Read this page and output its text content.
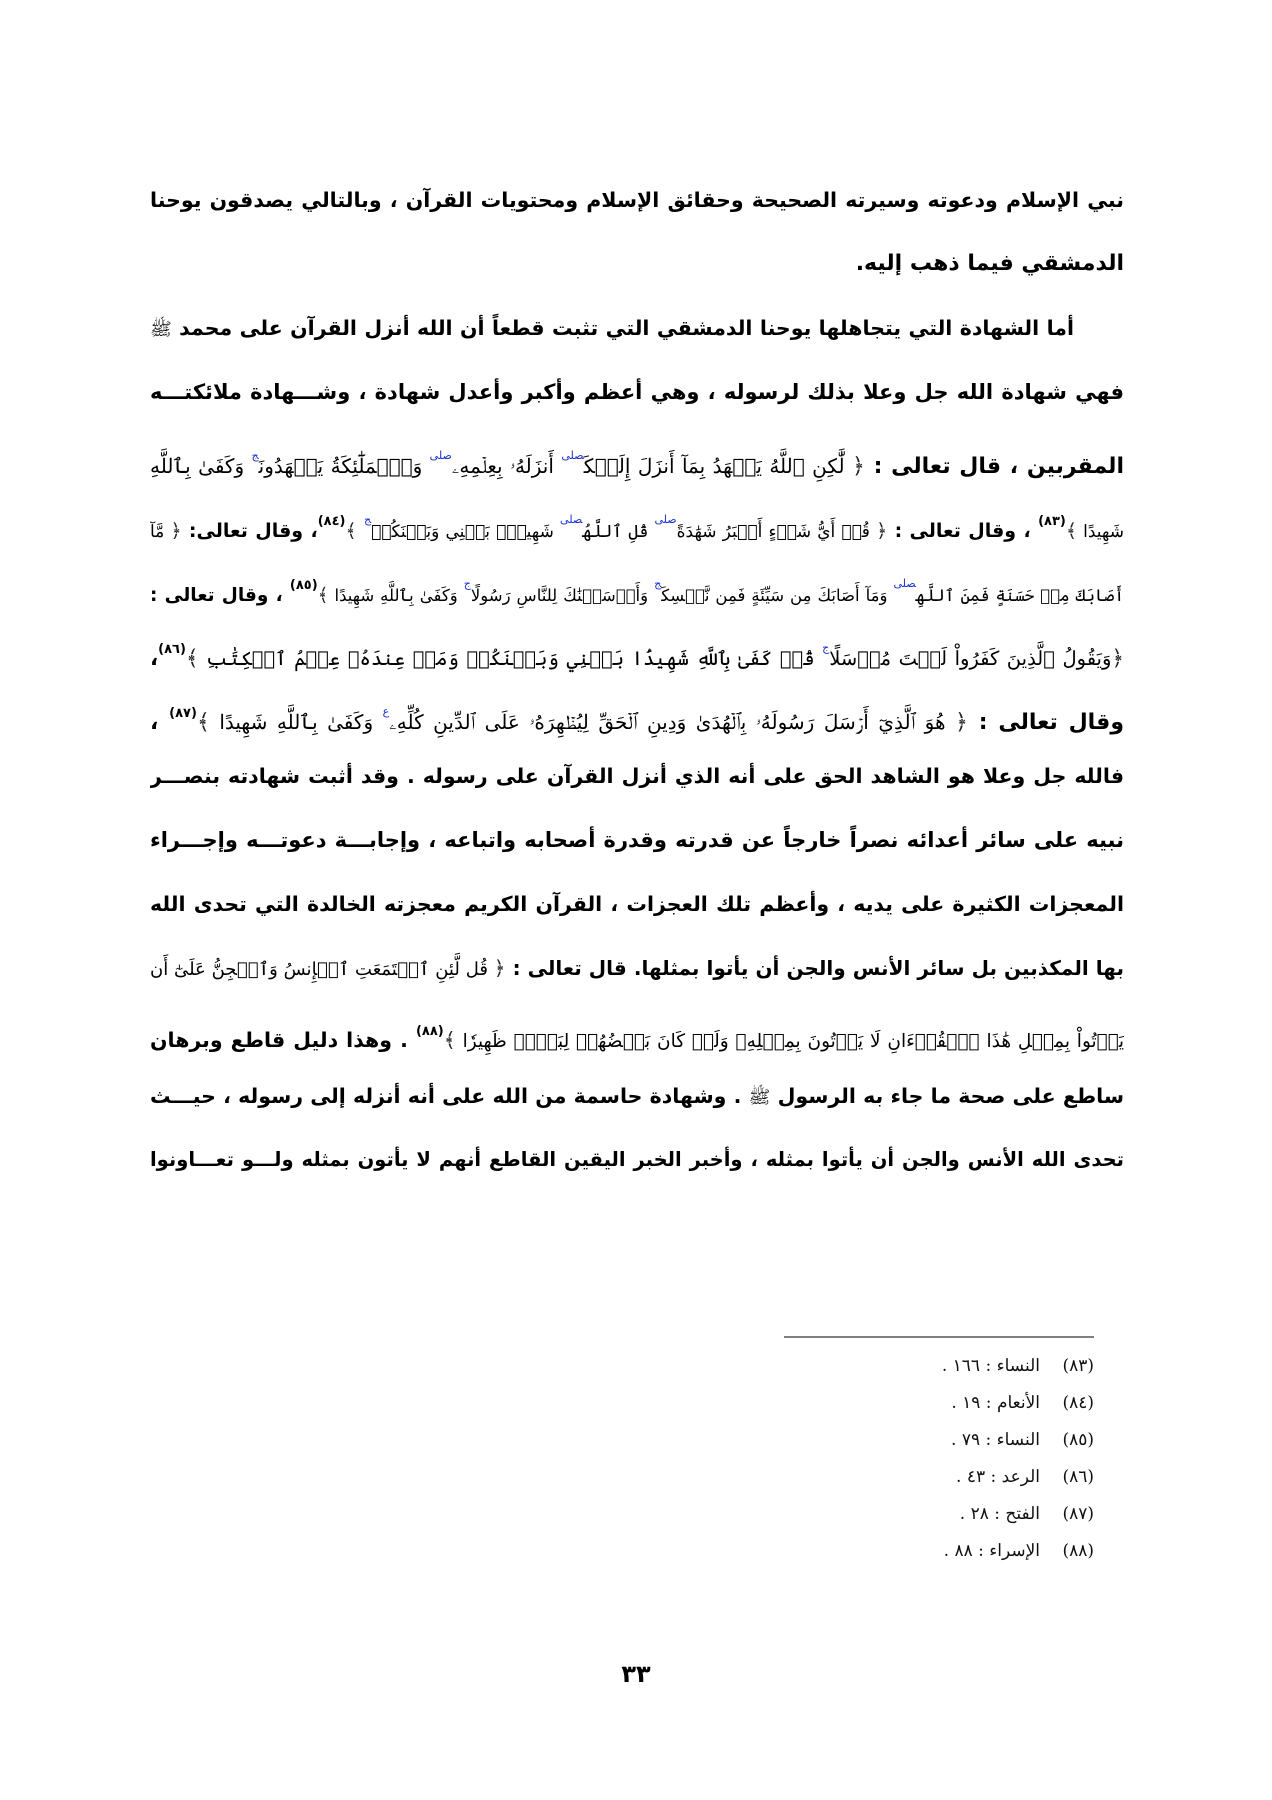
نبي الإسلام ودعوته وسيرته الصحيحة وحقائق الإسلام ومحتويات القرآن ، وبالتالي يصدقون يوحنا
الدمشقي فيما ذهب إليه.
أما الشهادة التي يتجاهلها يوحنا الدمشقي التي تثبت قطعاً أن الله أنزل القرآن على محمد ﷺ
فهي شهادة الله جل وعلا بذلك لرسوله ، وهي أعظم وأكبر وأعدل شهادة ، وشـــهادة ملائكتـــه
المقربين ، قال تعالى : ﴿ لَّٰكِنِ ٱللَّهُ يَشۡهَدُ بِمَآ أَنزَلَ إِلَيۡكَ$^{صلى}$ أَنزَلَهُۥ بِعِلۡمِهِۦ$^{صلى}$ وَٱلۡمَلَٰٓئِكَةُ يَشۡهَدُونَ$^ج$ وَكَفَىٰ بِٱللَّهِ
شَهِيدًا ﴾$^{(٨٣)}$ ، وقال تعالى : ﴿ قُلۡ أَيُّ شَيۡءٍ أَكۡبَرُ شَهَٰدَةً$^{صلى}$ قُلِ ٱللَّهُ$^{صلى}$ شَهِيدُۢ بَيۡنِي وَبَيۡنَكُمۡ$^ج$ ﴾$^{(٨٤)}$، وقال تعالى: ﴿ مَّآ
أَصَابَكَ مِنۡ حَسَنَةٍ فَمِنَ ٱللَّهِ$^{صلى}$ وَمَآ أَصَابَكَ مِن سَيِّئَةٍ فَمِن نَّفۡسِكَ$^ج$ وَأَرۡسَلۡنَٰكَ لِلنَّاسِ رَسُولًا$^ج$ وَكَفَىٰ بِٱللَّهِ شَهِيدًا ﴾$^{(٨٥)}$ ، وقال تعالى :
﴿وَيَقُولُ ٱلَّذِينَ كَفَرُواْ لَسۡتَ مُرۡسَلًا$^ج$ قُلۡ كَفَىٰ بِٱللَّهِ شَهِيدَۢا بَيۡنِي وَبَيۡنَكُمۡ وَمَنۡ عِندَهُۥ عِلۡمُ ٱلۡكِتَٰبِ ﴾$^{(٨٦)}$،
وقال تعالى : ﴿ هُوَ ٱلَّذِيٓ أَرۡسَلَ رَسُولَهُۥ بِٱلۡهُدَىٰ وَدِينِ ٱلۡحَقِّ لِيُظۡهِرَهُۥ عَلَى ٱلدِّينِ كُلِّهِۦ$^ع$ وَكَفَىٰ بِٱللَّهِ شَهِيدًا ﴾$^{(٨٧)}$ ،
فالله جل وعلا هو الشاهد الحق على أنه الذي أنزل القرآن على رسوله . وقد أثبت شهادته بنصـــر
نبيه على سائر أعدائه نصراً خارجاً عن قدرته وقدرة أصحابه واتباعه ، وإجابـــة دعوتـــه وإجـــراء
المعجزات الكثيرة على يديه ، وأعظم تلك العجزات ، القرآن الكريم معجزته الخالدة التي تحدى الله
بها المكذبين بل سائر الأنس والجن أن يأتوا بمثلها. قال تعالى : ﴿ قُل لَّئِنِ ٱجۡتَمَعَتِ ٱلۡإِنسُ وَٱلۡجِنُّ عَلَىٰٓ أَن
يَأۡتُواْ بِمِثۡلِ هَٰذَا ٱلۡقُرۡءَانِ لَا يَأۡتُونَ بِمِثۡلِهِۦ وَلَوۡ كَانَ بَعۡضُهُمۡ لِبَعۡضٖ ظَهِيرٗا ﴾$^{(٨٨)}$ . وهذا دليل قاطع وبرهان
ساطع على صحة ما جاء به الرسول ﷺ . وشهادة حاسمة من الله على أنه أنزله إلى رسوله ، حيـــث
تحدى الله الأنس والجن أن يأتوا بمثله ، وأخبر الخبر اليقين القاطع أنهم لا يأتون بمثله ولـــو تعـــاونوا
(٨٣)النساء : ١٦٦ .
(٨٤)الأنعام : ١٩ .
(٨٥)النساء : ٧٩ .
(٨٦)الرعد : ٤٣ .
(٨٧)الفتح : ٢٨ .
(٨٨)الإسراء : ٨٨ .
٣٣
